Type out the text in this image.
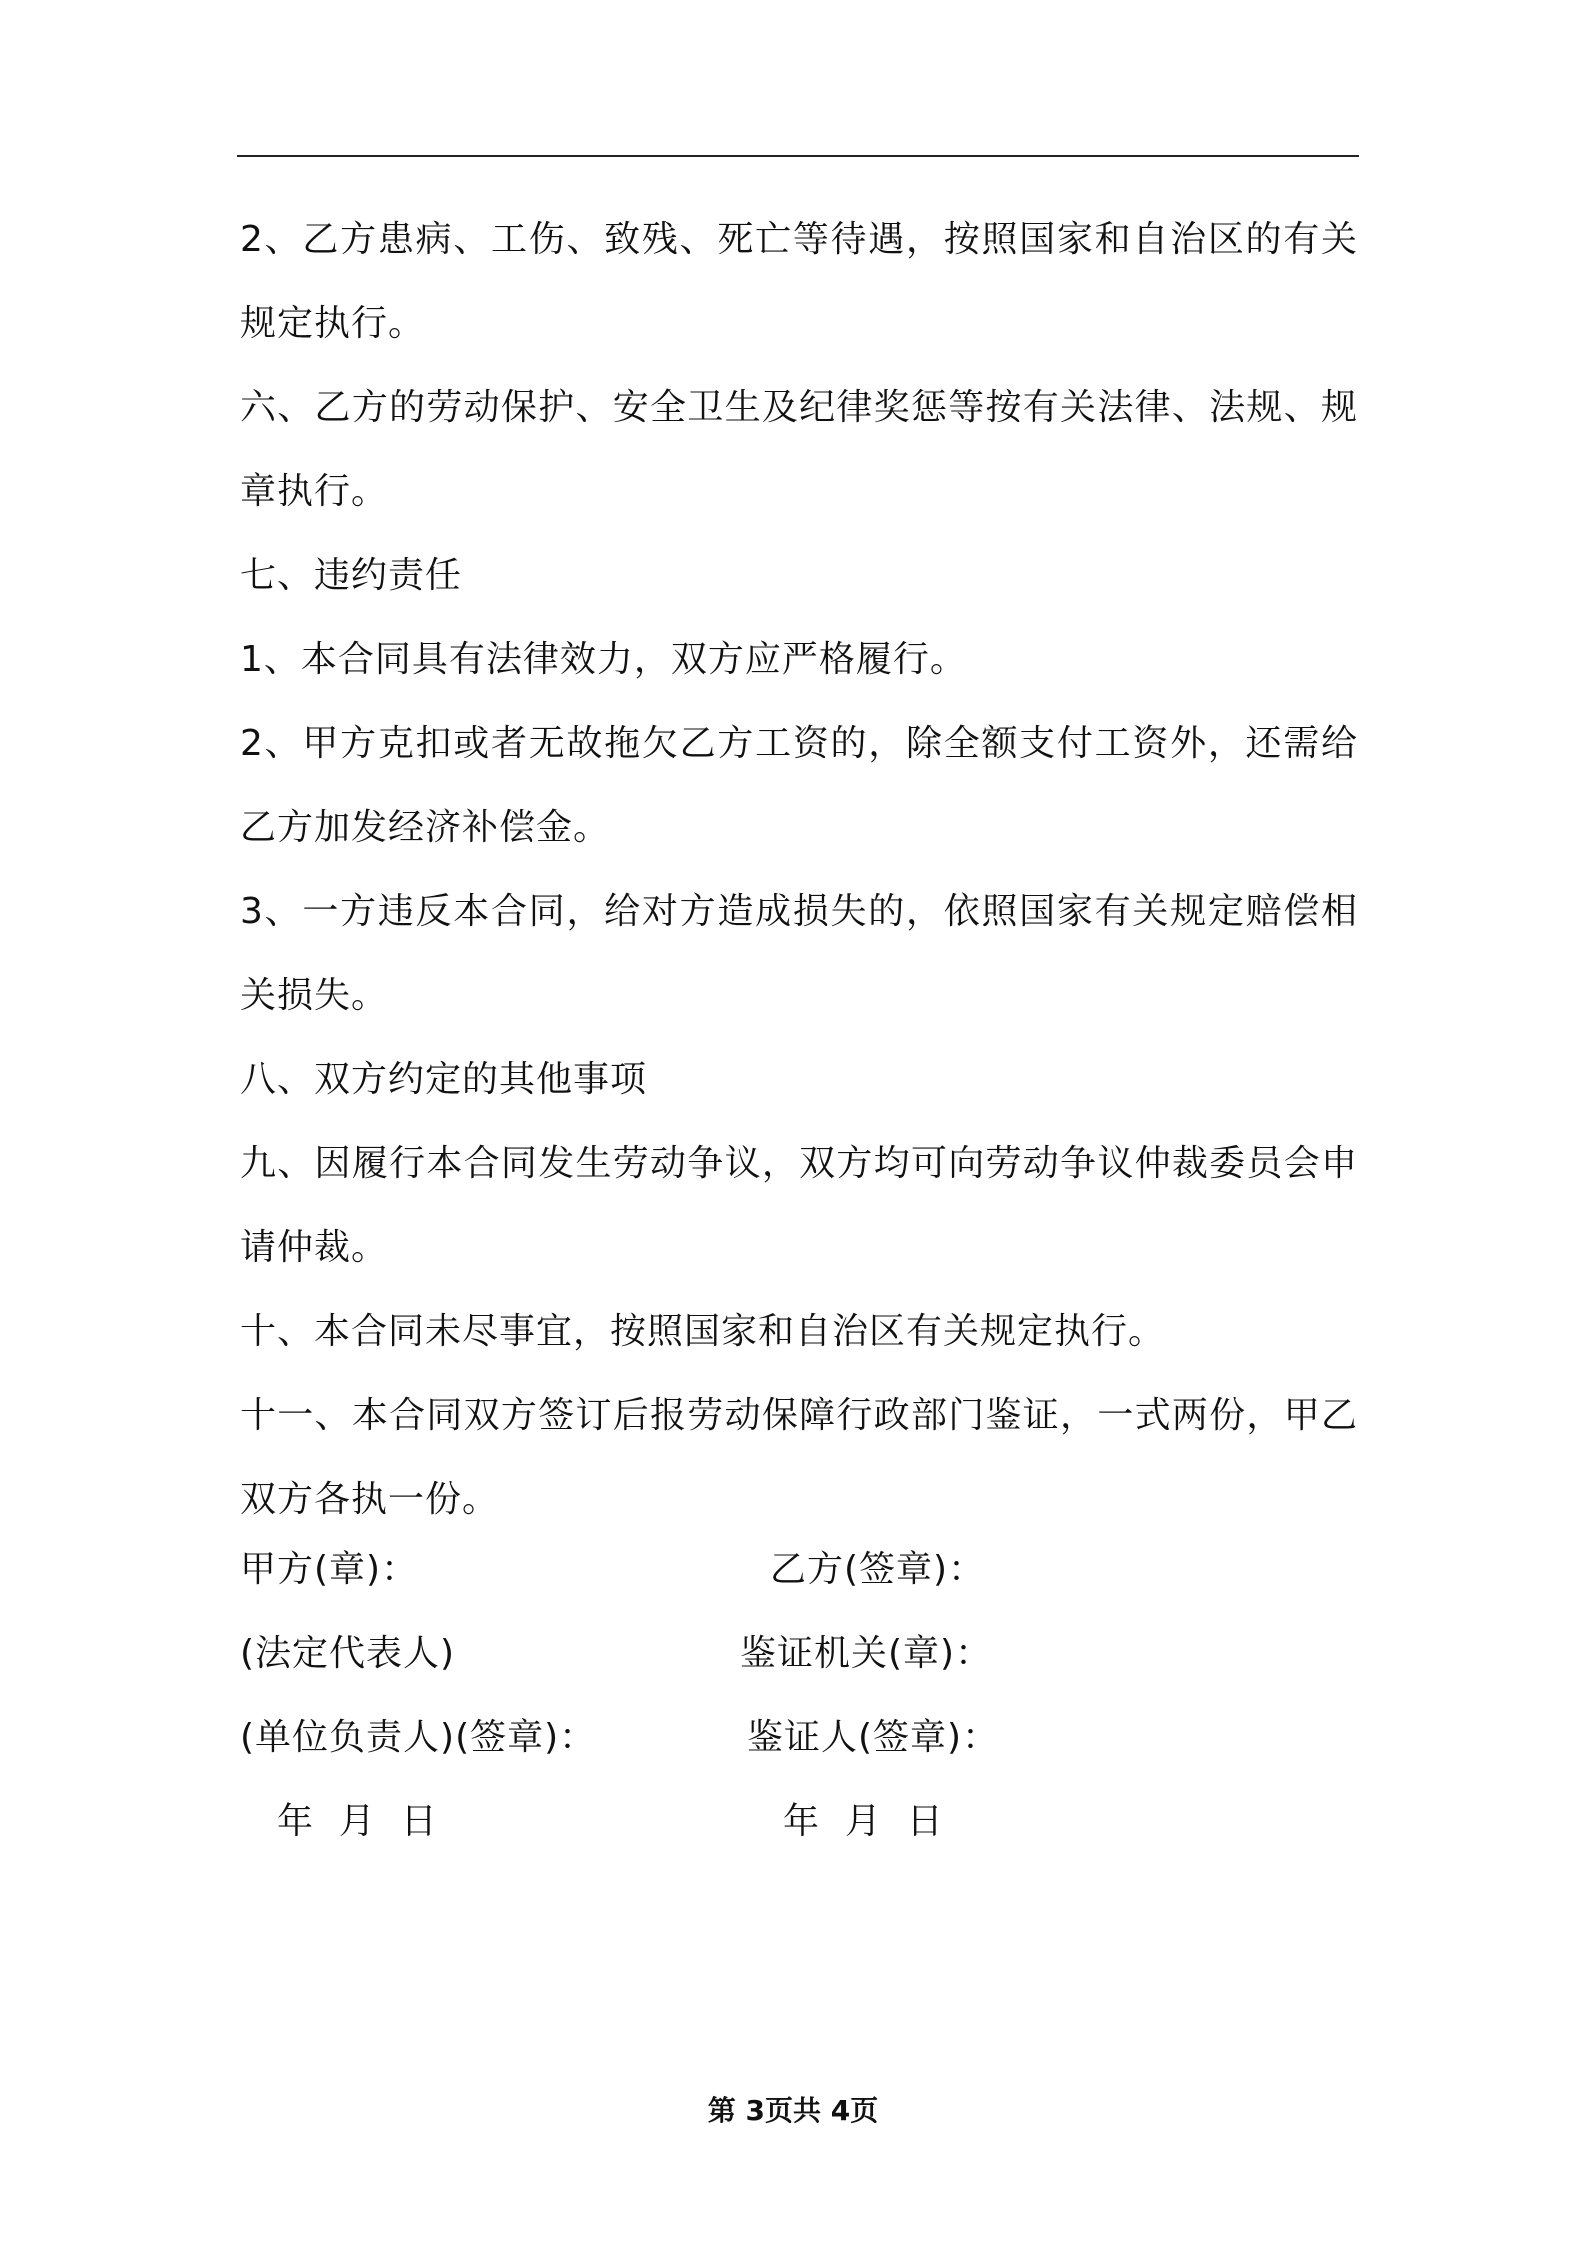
2、乙方患病、工伤、致残、死亡等待遇，按照国家和自治区的有关规定执行。

六、乙方的劳动保护、安全卫生及纪律奖惩等按有关法律、法规、规章执行。

七、违约责任

1、本合同具有法律效力，双方应严格履行。

2、甲方克扣或者无故拖欠乙方工资的，除全额支付工资外，还需给乙方加发经济补偿金。

3、一方违反本合同，给对方造成损失的，依照国家有关规定赔偿相关损失。

八、双方约定的其他事项

九、因履行本合同发生劳动争议，双方均可向劳动争议仲裁委员会申请仲裁。

十、本合同未尽事宜，按照国家和自治区有关规定执行。

十一、本合同双方签订后报劳动保障行政部门鉴证，一式两份，甲乙双方各执一份。

甲方(章)：	乙方(签章)：
(法定代表人)	鉴证机关(章)：
(单位负责人)(签章)：	鉴证人(签章)：
年  月  日	年  月  日
第 3页共 4页
